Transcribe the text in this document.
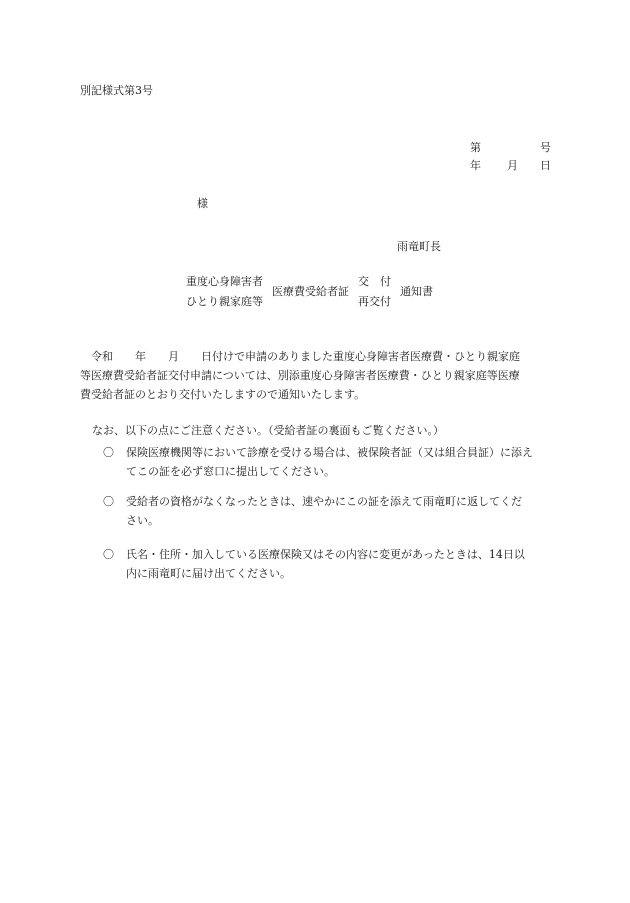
別記様式第3号
第	号
年 月 日
様
雨竜町長
重度心身障害者
ひとり親家庭等
医療費受給者証
交　付
再交付
通知書
令和 年 月 日付けで申請のありました重度心身障害者医療費・ひとり親家庭
等医療費受給者証交付申請については、別添重度心身障害者医療費・ひとり親家庭等医療
費受給者証のとおり交付いたしますので通知いたします。
なお、以下の点にご注意ください。（受給者証の裏面もご覧ください。）
〇 保険医療機関等において診療を受ける場合は、被保険者証（又は組合員証）に添え
てこの証を必ず窓口に提出してください。
〇 受給者の資格がなくなったときは、速やかにこの証を添えて雨竜町に返してくだ
さい。
〇 氏名・住所・加入している医療保険又はその内容に変更があったときは、14日以
内に雨竜町に届け出てください。
